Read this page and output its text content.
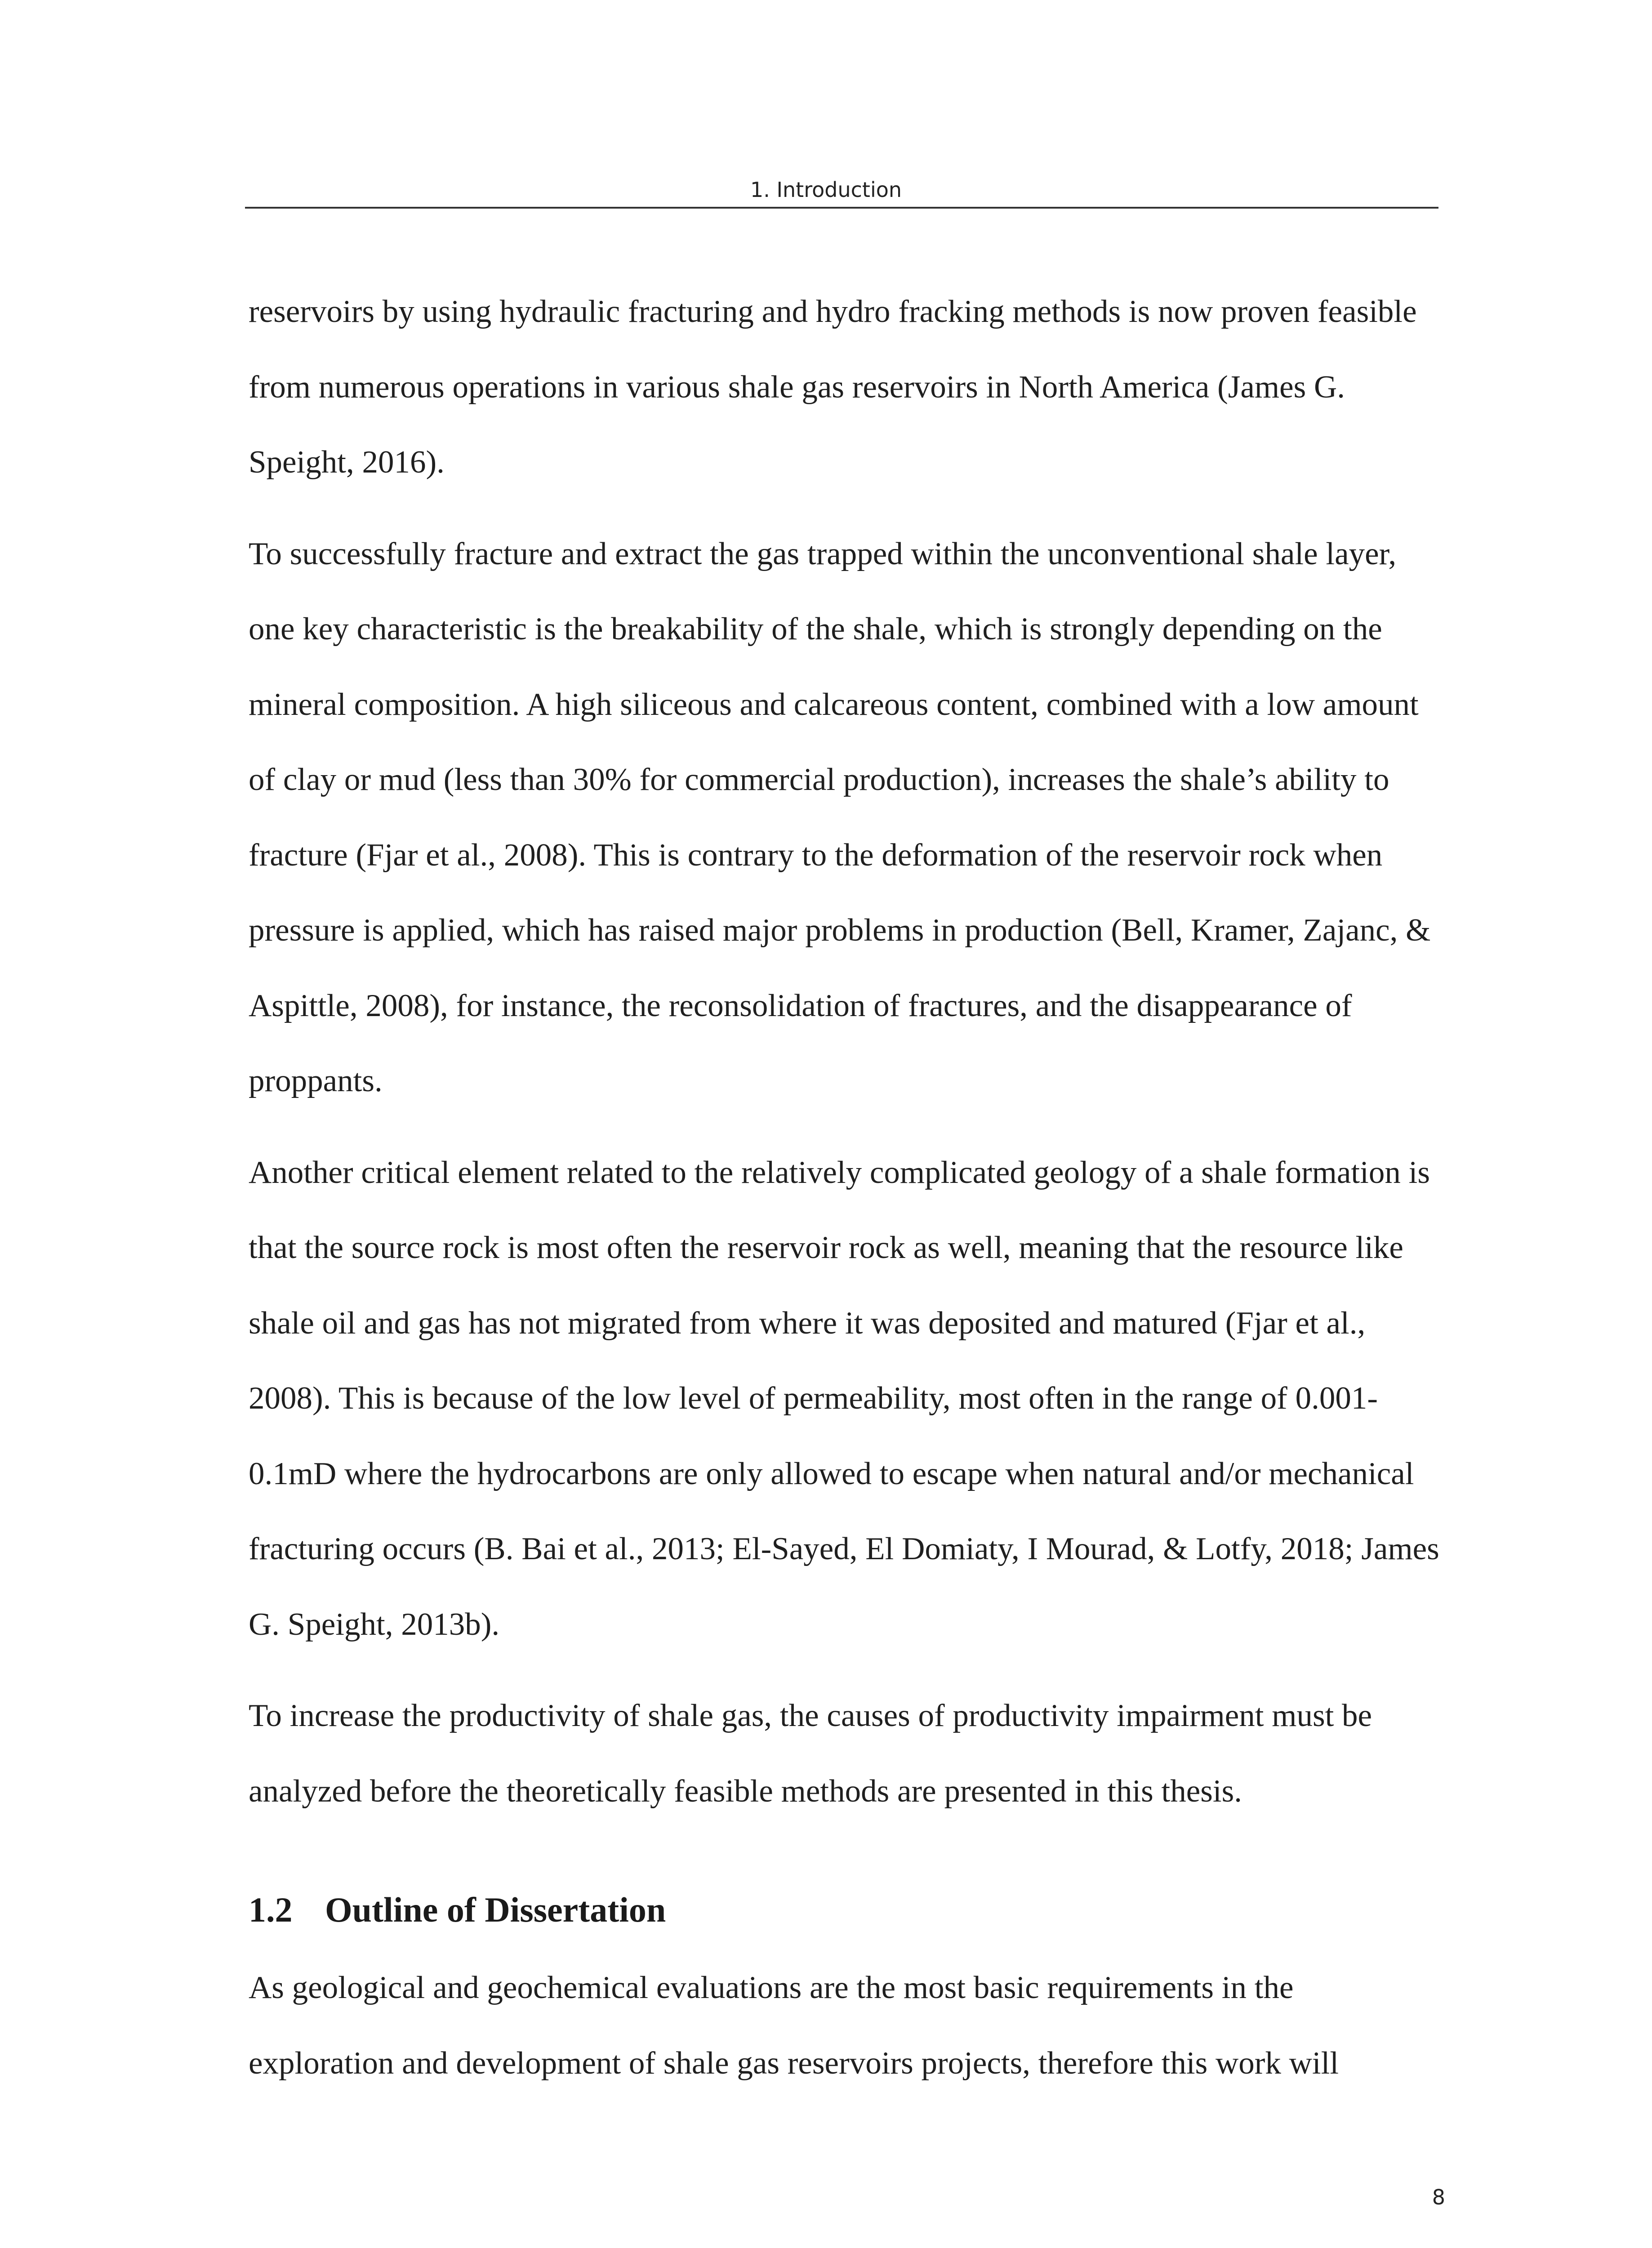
1. Introduction

reservoirs by using hydraulic fracturing and hydro fracking methods is now proven feasible from numerous operations in various shale gas reservoirs in North America (James G. Speight, 2016).

To successfully fracture and extract the gas trapped within the unconventional shale layer, one key characteristic is the breakability of the shale, which is strongly depending on the mineral composition. A high siliceous and calcareous content, combined with a low amount of clay or mud (less than 30% for commercial production), increases the shale’s ability to fracture (Fjar et al., 2008). This is contrary to the deformation of the reservoir rock when pressure is applied, which has raised major problems in production (Bell, Kramer, Zajanc, & Aspittle, 2008), for instance, the reconsolidation of fractures, and the disappearance of proppants.

Another critical element related to the relatively complicated geology of a shale formation is that the source rock is most often the reservoir rock as well, meaning that the resource like shale oil and gas has not migrated from where it was deposited and matured (Fjar et al., 2008). This is because of the low level of permeability, most often in the range of 0.001-0.1mD where the hydrocarbons are only allowed to escape when natural and/or mechanical fracturing occurs (B. Bai et al., 2013; El-Sayed, El Domiaty, I Mourad, & Lotfy, 2018; James G. Speight, 2013b).

To increase the productivity of shale gas, the causes of productivity impairment must be analyzed before the theoretically feasible methods are presented in this thesis.

1.2 Outline of Dissertation

As geological and geochemical evaluations are the most basic requirements in the exploration and development of shale gas reservoirs projects, therefore this work will

8
